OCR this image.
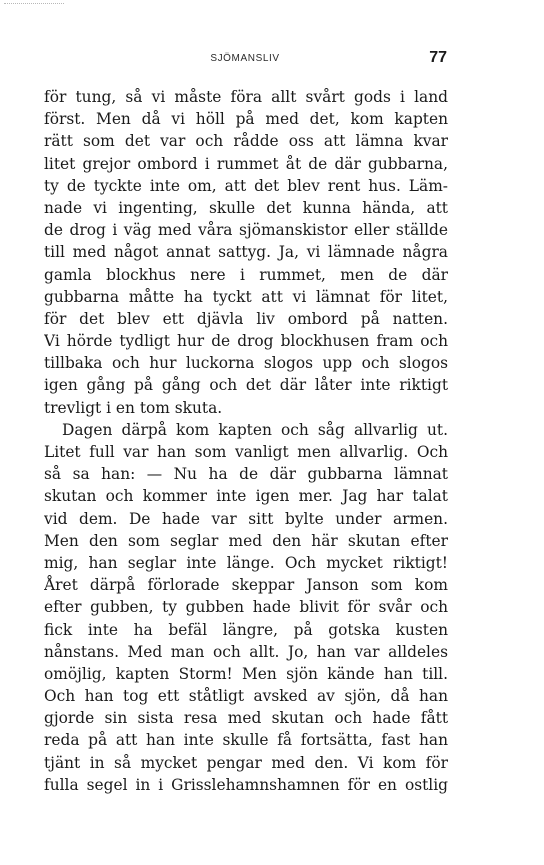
SJÖMANSLIV	77
för tung, så vi måste föra allt svårt gods i land
först. Men då vi höll på med det, kom kapten
rätt som det var och rådde oss att lämna kvar
litet grejor ombord i rummet åt de där gubbarna,
ty de tyckte inte om, att det blev rent hus. Läm-
nade vi ingenting, skulle det kunna hända, att
de drog i väg med våra sjömanskistor eller ställde
till med något annat sattyg. Ja, vi lämnade några
gamla blockhus nere i rummet, men de där
gubbarna måtte ha tyckt att vi lämnat för litet,
för det blev ett djävla liv ombord på natten.
Vi hörde tydligt hur de drog blockhusen fram och
tillbaka och hur luckorna slogos upp och slogos
igen gång på gång och det där låter inte riktigt
trevligt i en tom skuta.
Dagen därpå kom kapten och såg allvarlig ut.
Litet full var han som vanligt men allvarlig. Och
så sa han: — Nu ha de där gubbarna lämnat
skutan och kommer inte igen mer. Jag har talat
vid dem. De hade var sitt bylte under armen.
Men den som seglar med den här skutan efter
mig, han seglar inte länge. Och mycket riktigt!
Året därpå förlorade skeppar Janson som kom
efter gubben, ty gubben hade blivit för svår och
fick inte ha befäl längre, på gotska kusten
nånstans. Med man och allt. Jo, han var alldeles
omöjlig, kapten Storm! Men sjön kände han till.
Och han tog ett ståtligt avsked av sjön, då han
gjorde sin sista resa med skutan och hade fått
reda på att han inte skulle få fortsätta, fast han
tjänt in så mycket pengar med den. Vi kom för
fulla segel in i Grisslehamnshamnen för en ostlig
